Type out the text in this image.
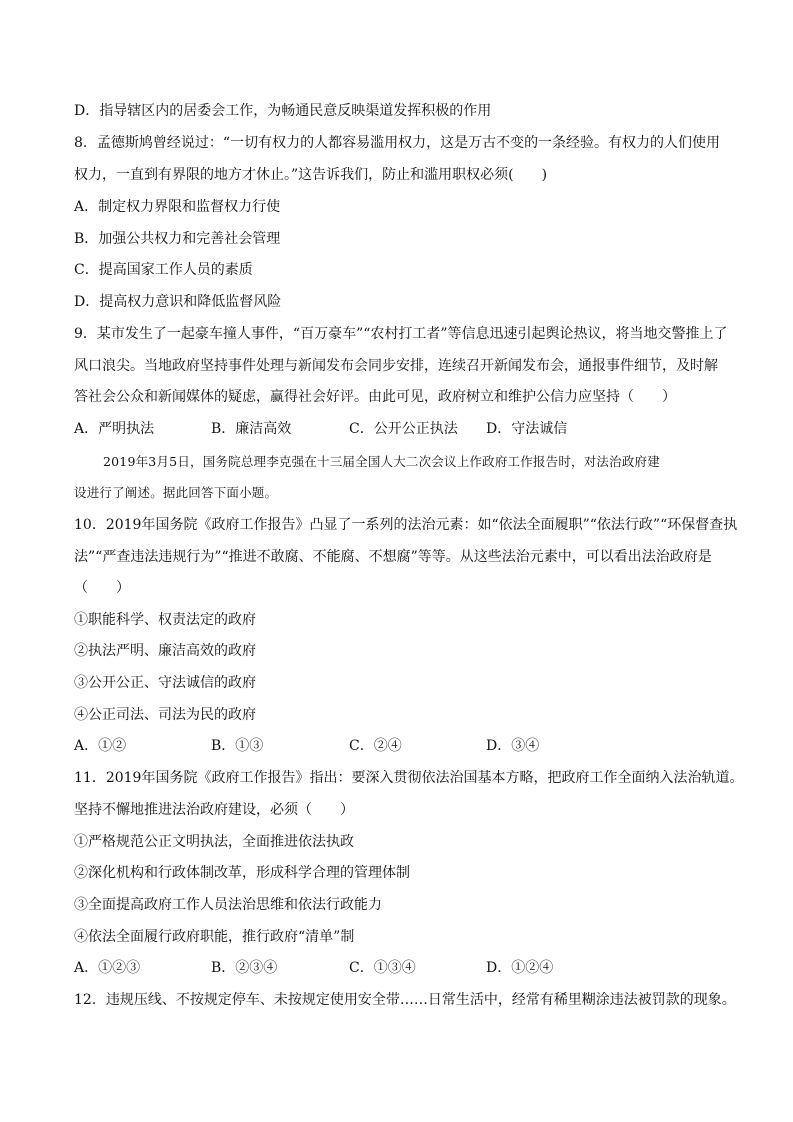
D．指导辖区内的居委会工作，为畅通民意反映渠道发挥积极的作用
8．孟德斯鸠曾经说过：“一切有权力的人都容易滥用权力，这是万古不变的一条经验。有权力的人们使用
权力，一直到有界限的地方才休止。”这告诉我们，防止和滥用职权必须(　　)
A．制定权力界限和监督权力行使
B．加强公共权力和完善社会管理
C．提高国家工作人员的素质
D．提高权力意识和降低监督风险
9．某市发生了一起豪车撞人事件，“百万豪车”“农村打工者”等信息迅速引起舆论热议，将当地交警推上了
风口浪尖。当地政府坚持事件处理与新闻发布会同步安排，连续召开新闻发布会，通报事件细节，及时解
答社会公众和新闻媒体的疑虑，赢得社会好评。由此可见，政府树立和维护公信力应坚持（　　）
A．严明执法	B．廉洁高效	C．公开公正执法 D．守法诚信
2019年3月5日，国务院总理李克强在十三届全国人大二次会议上作政府工作报告时，对法治政府建
设进行了阐述。据此回答下面小题。
10．2019年国务院《政府工作报告》凸显了一系列的法治元素：如“依法全面履职”“依法行政”“环保督查执
法”“严查违法违规行为”“推进不敢腐、不能腐、不想腐”等等。从这些法治元素中，可以看出法治政府是
（　　）
①职能科学、权责法定的政府
②执法严明、廉洁高效的政府
③公开公正、守法诚信的政府
④公正司法、司法为民的政府
A．①②	B．①③	C．②④	D．③④
11．2019年国务院《政府工作报告》指出：要深入贯彻依法治国基本方略，把政府工作全面纳入法治轨道。
坚持不懈地推进法治政府建设，必须（　　）
①严格规范公正文明执法，全面推进依法执政
②深化机构和行政体制改革，形成科学合理的管理体制
③全面提高政府工作人员法治思维和依法行政能力
④依法全面履行政府职能，推行政府“清单”制
A．①②③	B．②③④	C．①③④	D．①②④
12．违规压线、不按规定停车、未按规定使用安全带……日常生活中，经常有稀里糊涂违法被罚款的现象。
